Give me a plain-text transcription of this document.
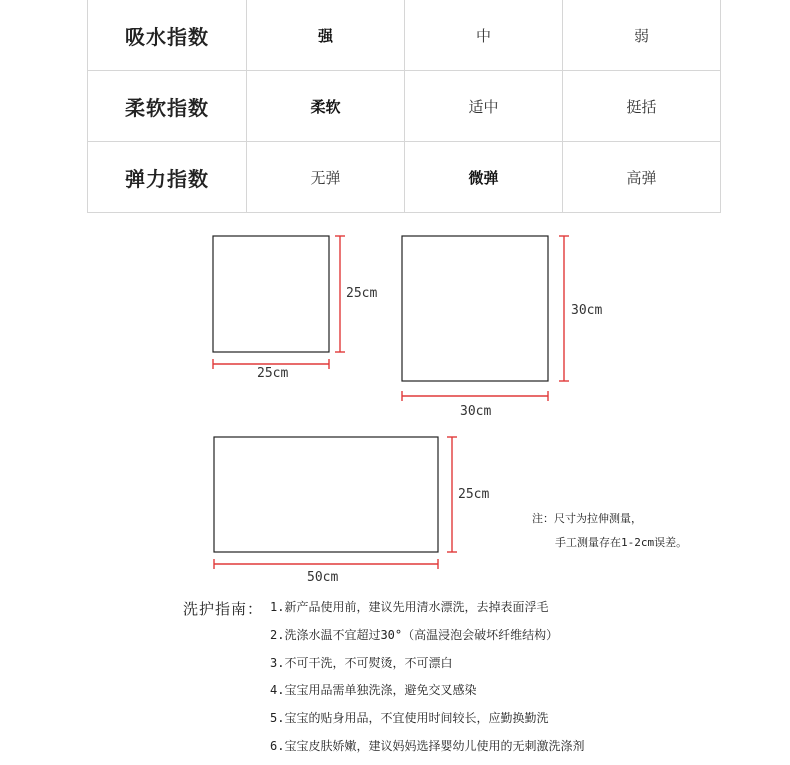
吸水指数	强	中	弱
柔软指数	柔软	适中	挺括
弹力指数	无弹	微弹	高弹
25cm
25cm
30cm
30cm
25cm
50cm
注：尺寸为拉伸测量，
手工测量存在1-2cm误差。
洗护指南： 1.新产品使用前，建议先用清水漂洗，去掉表面浮毛
2.洗涤水温不宜超过30°（高温浸泡会破坏纤维结构）
3.不可干洗，不可熨烫，不可漂白
4.宝宝用品需单独洗涤，避免交叉感染
5.宝宝的贴身用品，不宜使用时间较长，应勤换勤洗
6.宝宝皮肤娇嫩，建议妈妈选择婴幼儿使用的无刺激洗涤剂
